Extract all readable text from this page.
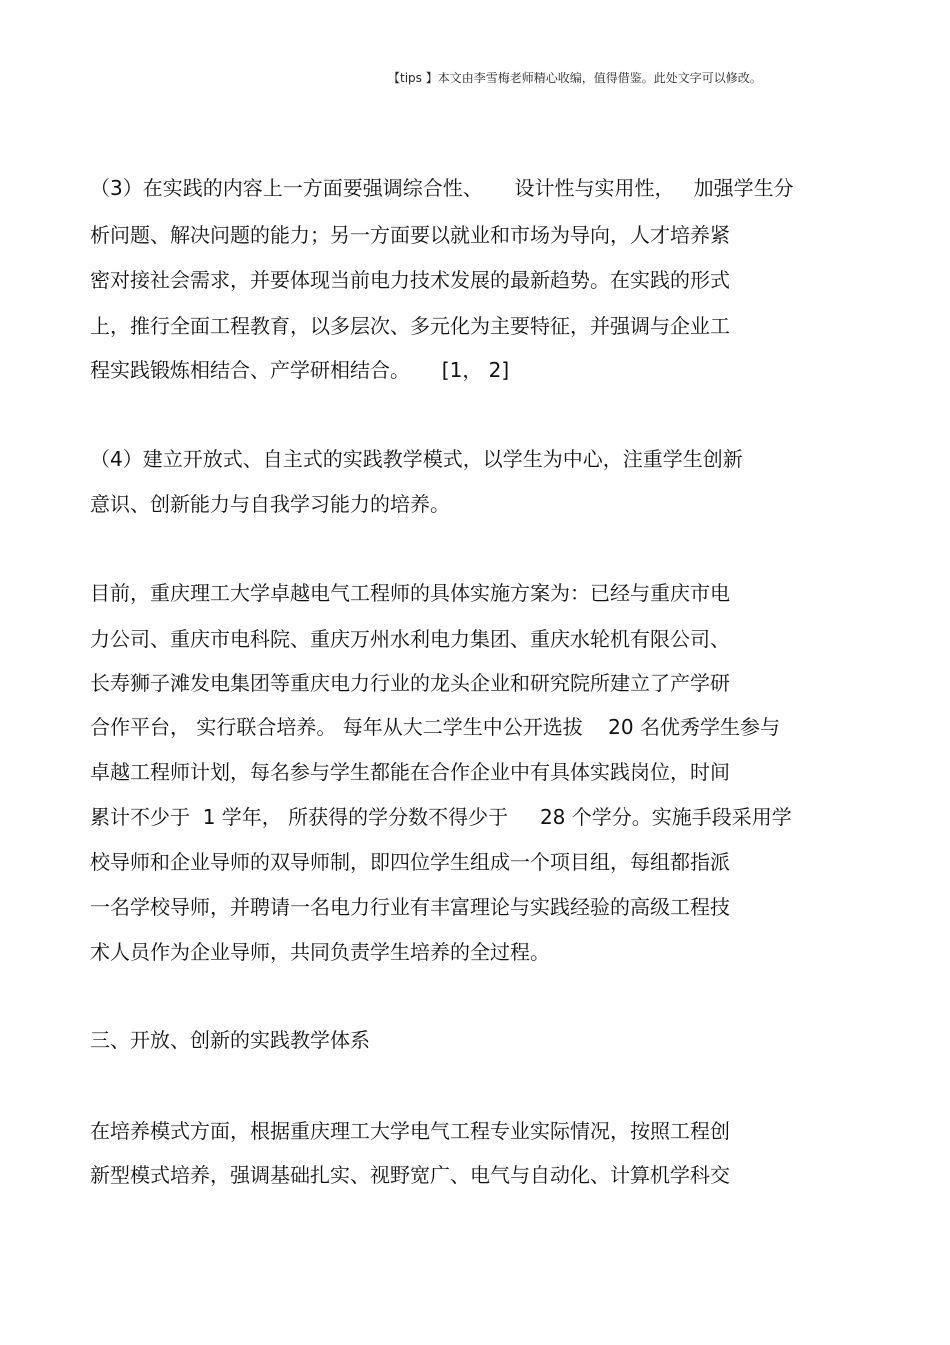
【tips 】本文由李雪梅老师精心收编，值得借鉴。此处文字可以修改。
（3）在实践的内容上一方面要强调综合性、     设计性与实用性，   加强学生分
析问题、解决问题的能力；另一方面要以就业和市场为导向，人才培养紧
密对接社会需求，并要体现当前电力技术发展的最新趋势。在实践的形式
上，推行全面工程教育，以多层次、多元化为主要特征，并强调与企业工
程实践锻炼相结合、产学研相结合。     [1， 2]
（4）建立开放式、自主式的实践教学模式，以学生为中心，注重学生创新
意识、创新能力与自我学习能力的培养。
目前，重庆理工大学卓越电气工程师的具体实施方案为：已经与重庆市电
力公司、重庆市电科院、重庆万州水利电力集团、重庆水轮机有限公司、
长寿狮子滩发电集团等重庆电力行业的龙头企业和研究院所建立了产学研
合作平台， 实行联合培养。 每年从大二学生中公开选拔    20 名优秀学生参与
卓越工程师计划，每名参与学生都能在合作企业中有具体实践岗位，时间
累计不少于  1 学年， 所获得的学分数不得少于     28 个学分。实施手段采用学
校导师和企业导师的双导师制，即四位学生组成一个项目组，每组都指派
一名学校导师，并聘请一名电力行业有丰富理论与实践经验的高级工程技
术人员作为企业导师，共同负责学生培养的全过程。
三、开放、创新的实践教学体系
在培养模式方面，根据重庆理工大学电气工程专业实际情况，按照工程创
新型模式培养，强调基础扎实、视野宽广、电气与自动化、计算机学科交
